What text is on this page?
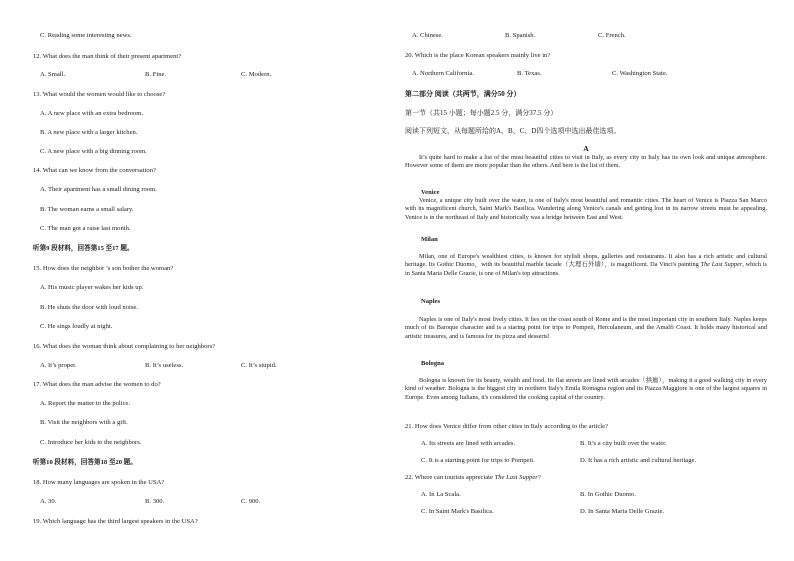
C. Reading some interesting news.
12. What does the man think of their present apartment?
A. Small.	B. Fine.	C. Modern.
13. What would the women would like to choose?
A. A new place with an extra bedroom.
B. A new place with a larger kitchen.
C. A new place with a big dinning room.
14. What can we know from the conversation?
A. Their apartment has a small dining room.
B. The woman earns a small salary.
C. The man got a raise last month.
听第9 段材料，回答第15 至17 题。
15. How does the neighbor ’s son bother the woman?
A. His music player wakes her kids up.
B. He shuts the door with loud noise.
C. He sings loudly at night.
16. What does the woman think about complaining to her neighbors?
A. It’s proper.	B. It’s useless.	C. It’s stupid.
17. What does the man advise the women to do?
A. Report the matter to the police.
B. Visit the neighbors with a gift.
C. Introduce her kids to the neighbors.
听第10 段材料，回答第18 至20 题。
18. How many languages are spoken in the USA?
A. 30.	B. 300.	C. 900.
19. Which language has the third largest speakers in the USA?
A. Chinese.	B. Spanish.	C. French.
20. Which is the place Korean speakers mainly live in?
A. Northern California.	B. Texas.	C. Washington State.
第二部分 阅读（共两节，满分50 分）
第一节（共15 小题；每小题2.5 分，满分37.5 分）
阅读下列短文，从每题所给的A、B、C、D四个选项中选出最佳选项。
A
It’s quite hard to make a list of the most beautiful cities to visit in Italy, as every city in Italy has its own look and unique atmosphere. However some of them are more popular than the others. And here is the list of them.
Venice
Venice, a unique city built over the water, is one of Italy's most beautiful and romantic cities. The heart of Venice is Piazza San Marco with its magnificent church, Saint Mark's Basilica. Wandering along Venice's canals and getting lost in its narrow streets must be appealing. Venice is in the northeast of Italy and historically was a bridge between East and West.
Milan
Milan, one of Europe's wealthiest cities, is known for stylish shops, galleries and restaurants. It also has a rich artistic and cultural heritage. Its Gothic Duomo，with its beautiful marble facade（大理石外墙），is magnificent. Da Vinci's painting The Last Supper, which is in Santa Maria Delle Grazie, is one of Milan's top attractions.
Naples
Naples is one of Italy's most lively cities. It lies on the coast south of Rome and is the most important city in southern Italy. Naples keeps much of its Baroque character and is a staring point for trips to Pompeii, Herculaneum, and the Amalfi Coast. It holds many historical and artistic treasures, and is famous for its pizza and desserts!
Bologna
Bologna is known for its beauty, wealth and food. Its flat streets are lined with arcades（拱廊），making it a good walking city in every kind of weather. Bologna is the biggest city in northern Italy's Emila Romagna region and its Piazza Maggiore is one of the largest squares in Europe. Even among Italians, it's considered the cooking capital of the country.
21. How does Venice differ from other cities in Italy according to the article?
A. Its streets are lined with arcades.	B. It’s a city built over the water.
C. It is a starting point for trips to Pompeii.	D. It has a rich artistic and cultural heritage.
22. Where can tourists appreciate The Last Supper?
A. In La Scala.	B. In Gothic Duomo.
C. In Saint Mark's Basilica.	D. In Santa Maria Delle Grazie.
